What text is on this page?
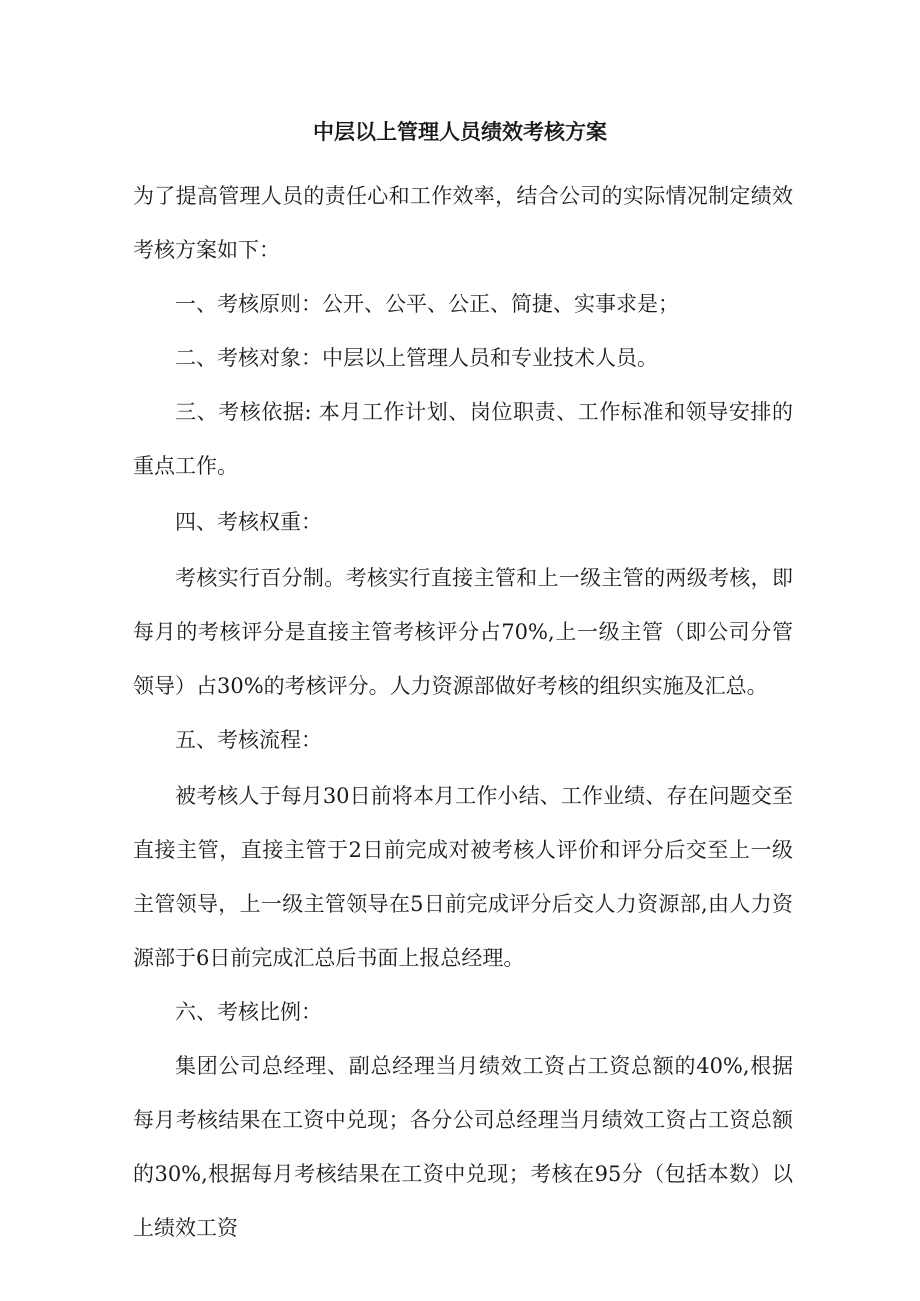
中层以上管理人员绩效考核方案

为了提高管理人员的责任心和工作效率，结合公司的实际情况制定绩效考核方案如下：

一、考核原则：公开、公平、公正、简捷、实事求是；

二、考核对象：中层以上管理人员和专业技术人员。

三、考核依据: 本月工作计划、岗位职责、工作标准和领导安排的重点工作。

四、考核权重：

考核实行百分制。考核实行直接主管和上一级主管的两级考核，即每月的考核评分是直接主管考核评分占70%,上一级主管（即公司分管领导）占30%的考核评分。人力资源部做好考核的组织实施及汇总。

五、考核流程：

被考核人于每月30日前将本月工作小结、工作业绩、存在问题交至直接主管，直接主管于2日前完成对被考核人评价和评分后交至上一级主管领导，上一级主管领导在5日前完成评分后交人力资源部,由人力资源部于6日前完成汇总后书面上报总经理。

六、考核比例：

集团公司总经理、副总经理当月绩效工资占工资总额的40%,根据每月考核结果在工资中兑现；各分公司总经理当月绩效工资占工资总额的30%,根据每月考核结果在工资中兑现；考核在95分（包括本数）以上绩效工资
